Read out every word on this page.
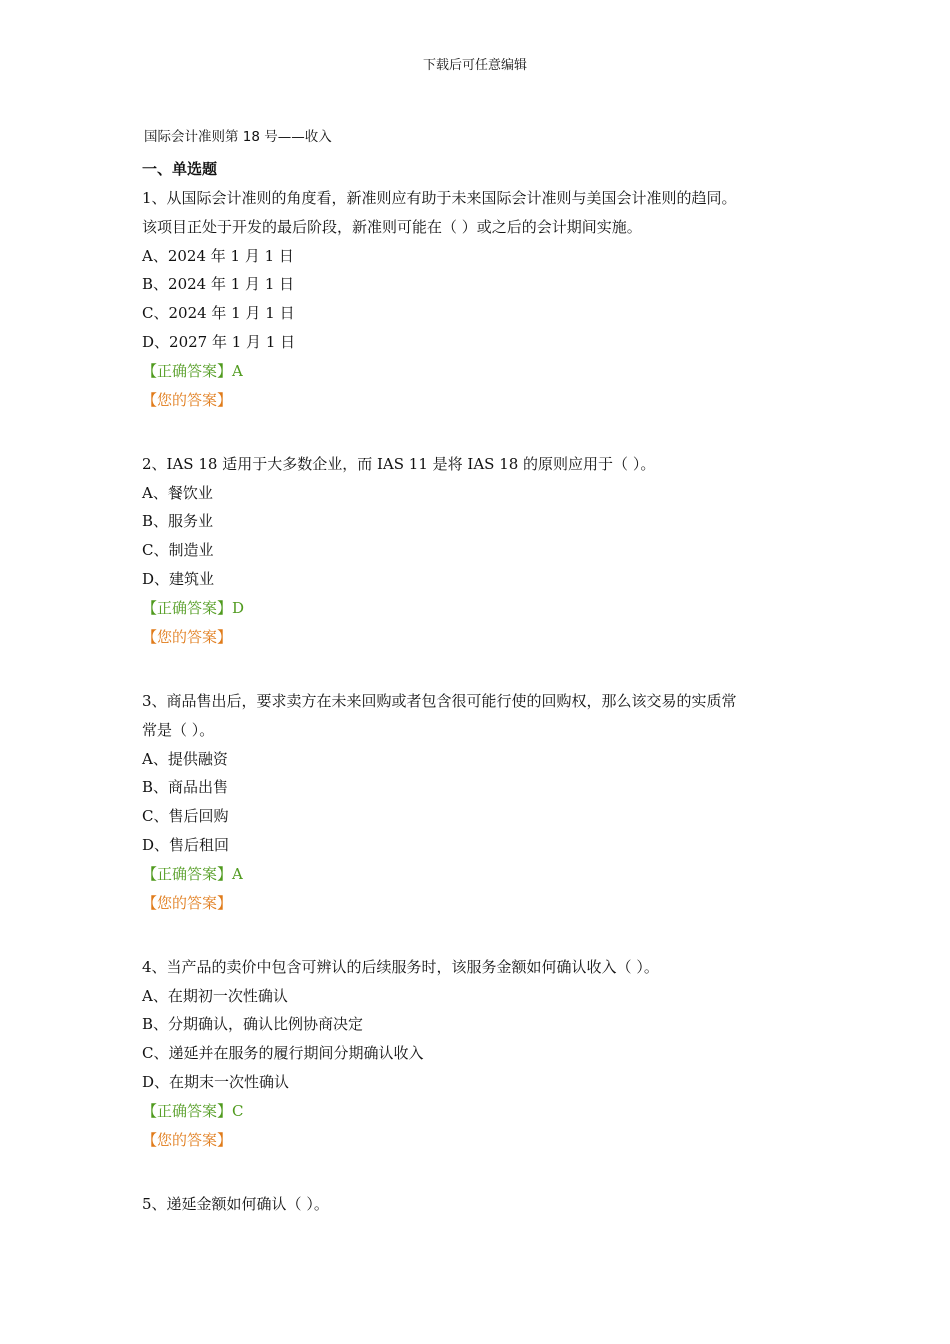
下载后可任意编辑
国际会计准则第 18 号——收入
一、单选题
1、从国际会计准则的角度看，新准则应有助于未来国际会计准则与美国会计准则的趋同。
该项目正处于开发的最后阶段，新准则可能在（ ）或之后的会计期间实施。
A、2024 年 1 月 1 日
B、2024 年 1 月 1 日
C、2024 年 1 月 1 日
D、2027 年 1 月 1 日
【正确答案】A
【您的答案】
2、IAS 18 适用于大多数企业，而 IAS 11 是将 IAS 18 的原则应用于（ ）。
A、餐饮业
B、服务业
C、制造业
D、建筑业
【正确答案】D
【您的答案】
3、商品售出后，要求卖方在未来回购或者包含很可能行使的回购权，那么该交易的实质常
常是（ ）。
A、提供融资
B、商品出售
C、售后回购
D、售后租回
【正确答案】A
【您的答案】
4、当产品的卖价中包含可辨认的后续服务时，该服务金额如何确认收入（ ）。
A、在期初一次性确认
B、分期确认，确认比例协商决定
C、递延并在服务的履行期间分期确认收入
D、在期末一次性确认
【正确答案】C
【您的答案】
5、递延金额如何确认（ ）。
